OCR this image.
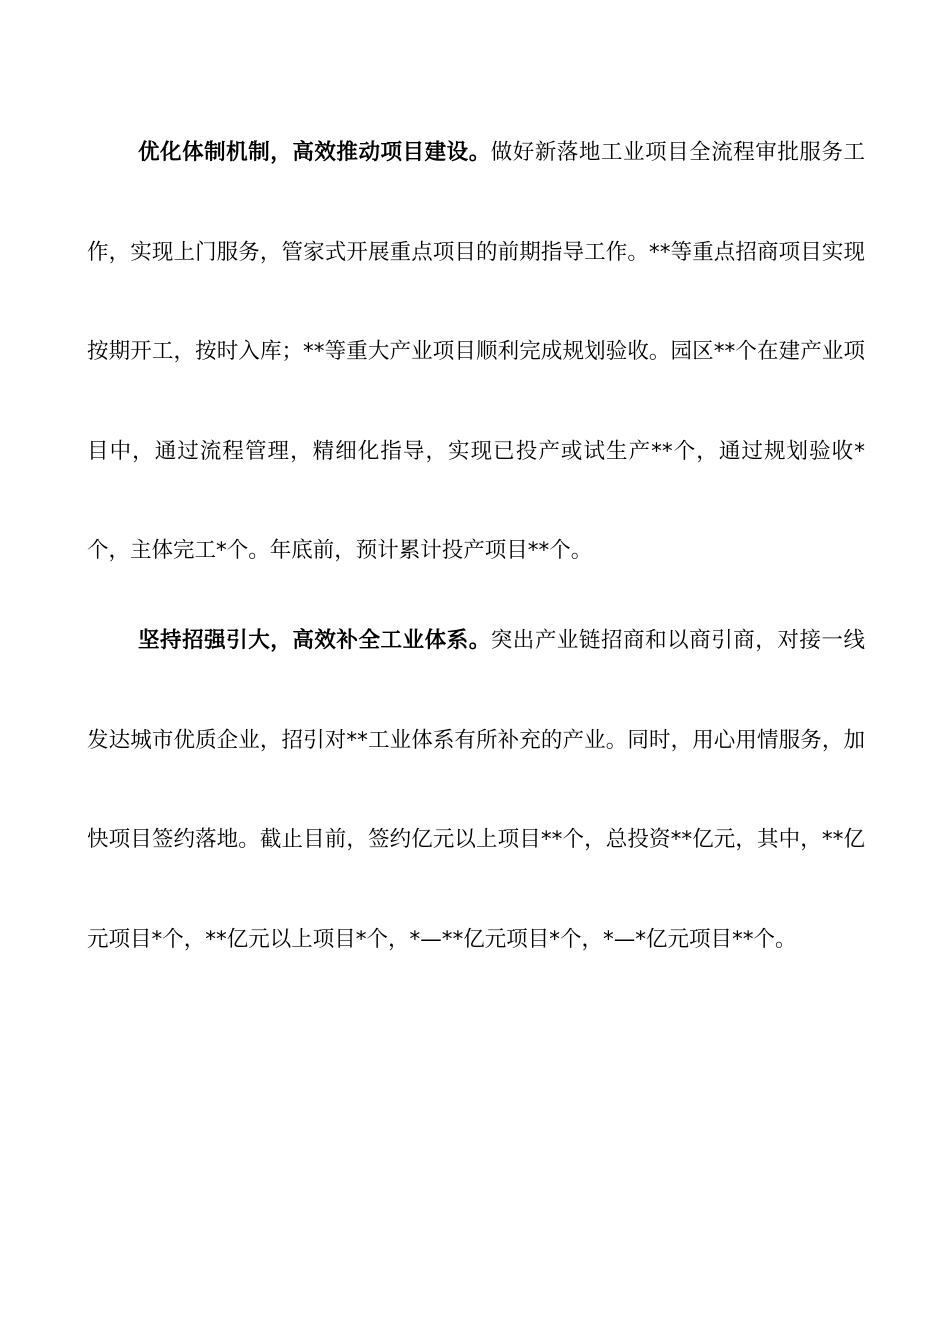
优化体制机制，高效推动项目建设。做好新落地工业项目全流程审批服务工作，实现上门服务，管家式开展重点项目的前期指导工作。**等重点招商项目实现按期开工，按时入库；**等重大产业项目顺利完成规划验收。园区**个在建产业项目中，通过流程管理，精细化指导，实现已投产或试生产**个，通过规划验收*个，主体完工*个。年底前，预计累计投产项目**个。

坚持招强引大，高效补全工业体系。突出产业链招商和以商引商，对接一线发达城市优质企业，招引对**工业体系有所补充的产业。同时，用心用情服务，加快项目签约落地。截止目前，签约亿元以上项目**个，总投资**亿元，其中，**亿元项目*个，**亿元以上项目*个，*—**亿元项目*个，*—*亿元项目**个。
